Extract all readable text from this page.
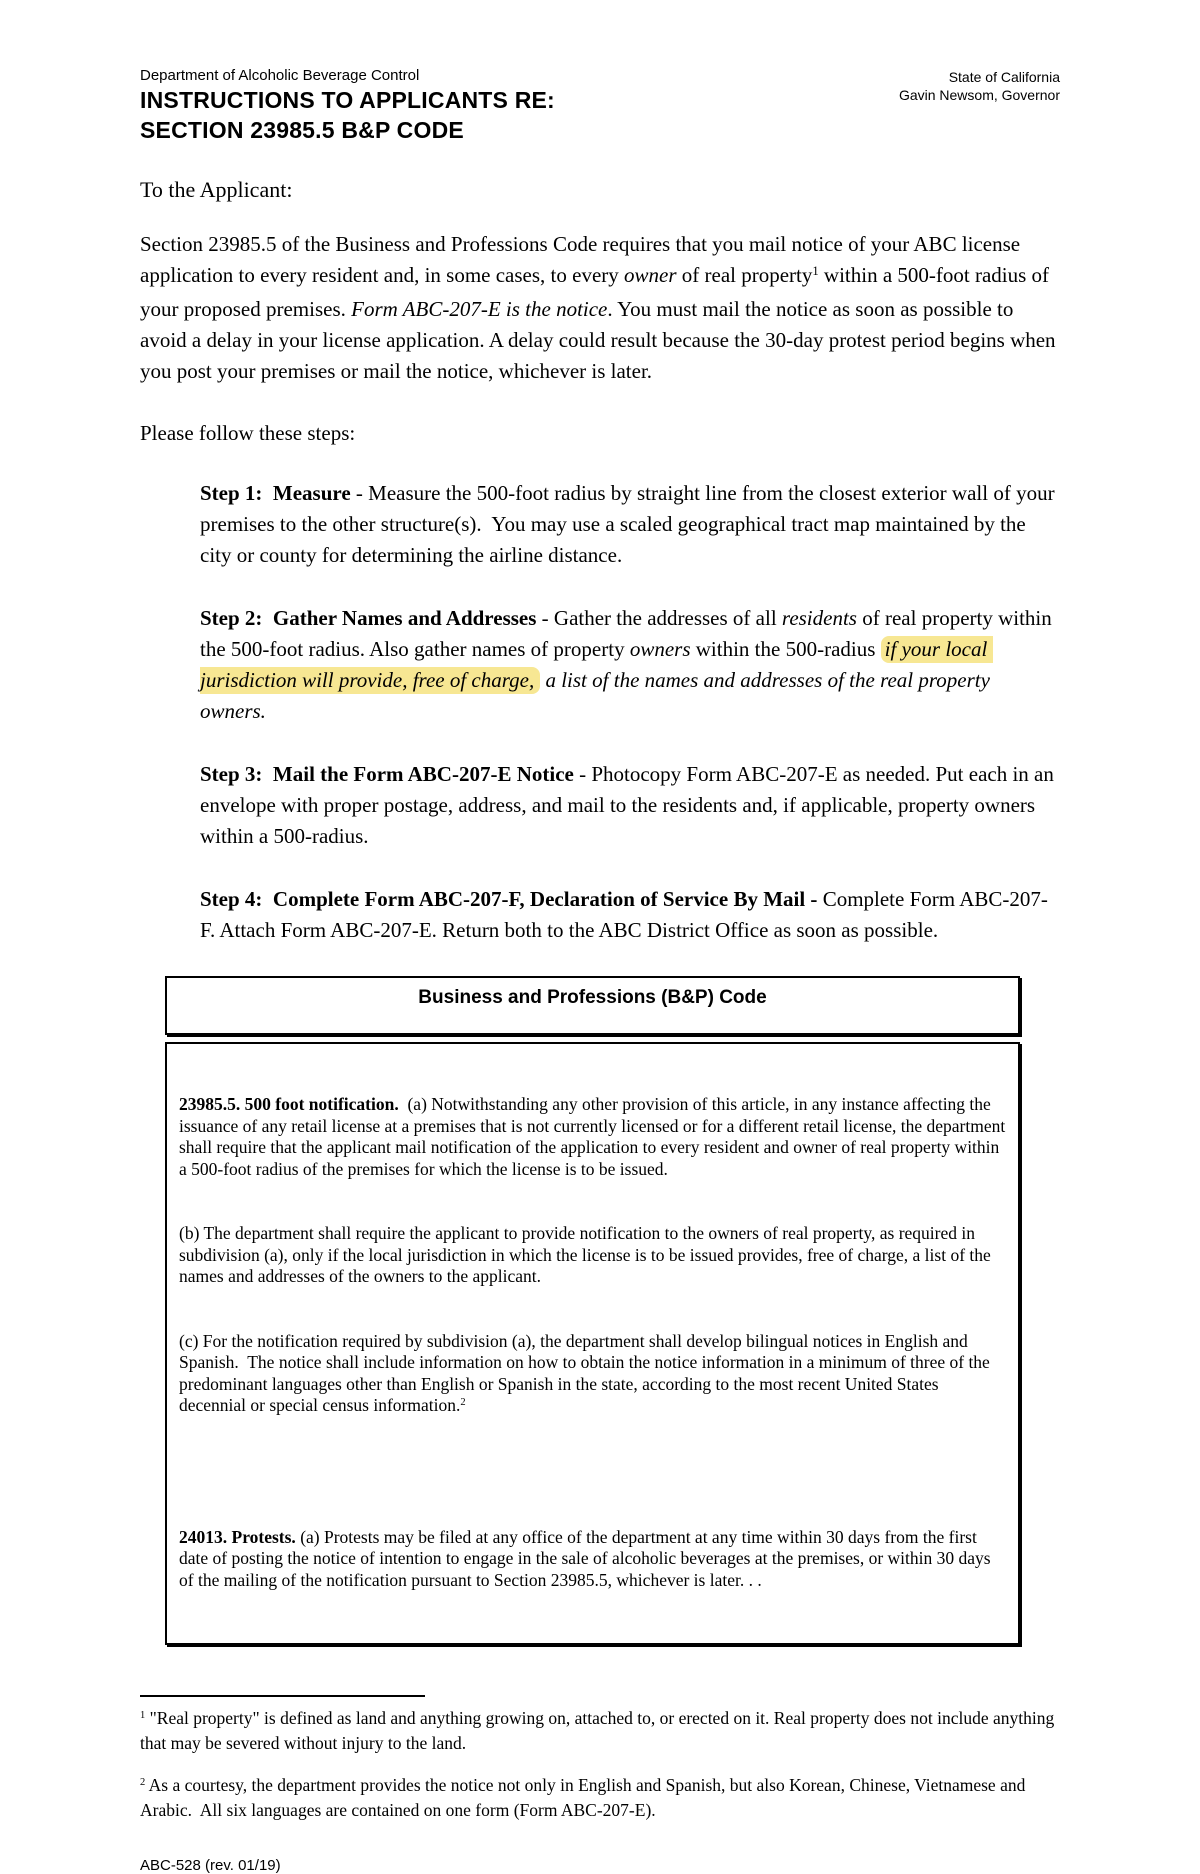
Department of Alcoholic Beverage Control
INSTRUCTIONS TO APPLICANTS RE:
SECTION 23985.5 B&P CODE
State of California
Gavin Newsom, Governor
To the Applicant:
Section 23985.5 of the Business and Professions Code requires that you mail notice of your ABC license application to every resident and, in some cases, to every owner of real property$^1$ within a 500-foot radius of your proposed premises. Form ABC-207-E is the notice. You must mail the notice as soon as possible to avoid a delay in your license application. A delay could result because the 30-day protest period begins when you post your premises or mail the notice, whichever is later.
Please follow these steps:
Step 1:  Measure - Measure the 500-foot radius by straight line from the closest exterior wall of your premises to the other structure(s).  You may use a scaled geographical tract map maintained by the city or county for determining the airline distance.
Step 2:  Gather Names and Addresses - Gather the addresses of all residents of real property within the 500-foot radius. Also gather names of property owners within the 500-radius if your local jurisdiction will provide, free of charge, a list of the names and addresses of the real property owners.
Step 3:  Mail the Form ABC-207-E Notice - Photocopy Form ABC-207-E as needed. Put each in an envelope with proper postage, address, and mail to the residents and, if applicable, property owners within a 500-radius.
Step 4:  Complete Form ABC-207-F, Declaration of Service By Mail - Complete Form ABC-207-F. Attach Form ABC-207-E. Return both to the ABC District Office as soon as possible.
Business and Professions (B&P) Code

23985.5. 500 foot notification.  (a) Notwithstanding any other provision of this article, in any instance affecting the issuance of any retail license at a premises that is not currently licensed or for a different retail license, the department shall require that the applicant mail notification of the application to every resident and owner of real property within a 500-foot radius of the premises for which the license is to be issued.

(b) The department shall require the applicant to provide notification to the owners of real property, as required in subdivision (a), only if the local jurisdiction in which the license is to be issued provides, free of charge, a list of the names and addresses of the owners to the applicant.

(c) For the notification required by subdivision (a), the department shall develop bilingual notices in English and Spanish.  The notice shall include information on how to obtain the notice information in a minimum of three of the predominant languages other than English or Spanish in the state, according to the most recent United States decennial or special census information.$^2$

24013. Protests. (a) Protests may be filed at any office of the department at any time within 30 days from the first date of posting the notice of intention to engage in the sale of alcoholic beverages at the premises, or within 30 days of the mailing of the notification pursuant to Section 23985.5, whichever is later. . .

$^1$ "Real property" is defined as land and anything growing on, attached to, or erected on it. Real property does not include anything that may be severed without injury to the land.
$^2$ As a courtesy, the department provides the notice not only in English and Spanish, but also Korean, Chinese, Vietnamese and Arabic.  All six languages are contained on one form (Form ABC-207-E).
ABC-528 (rev. 01/19)
